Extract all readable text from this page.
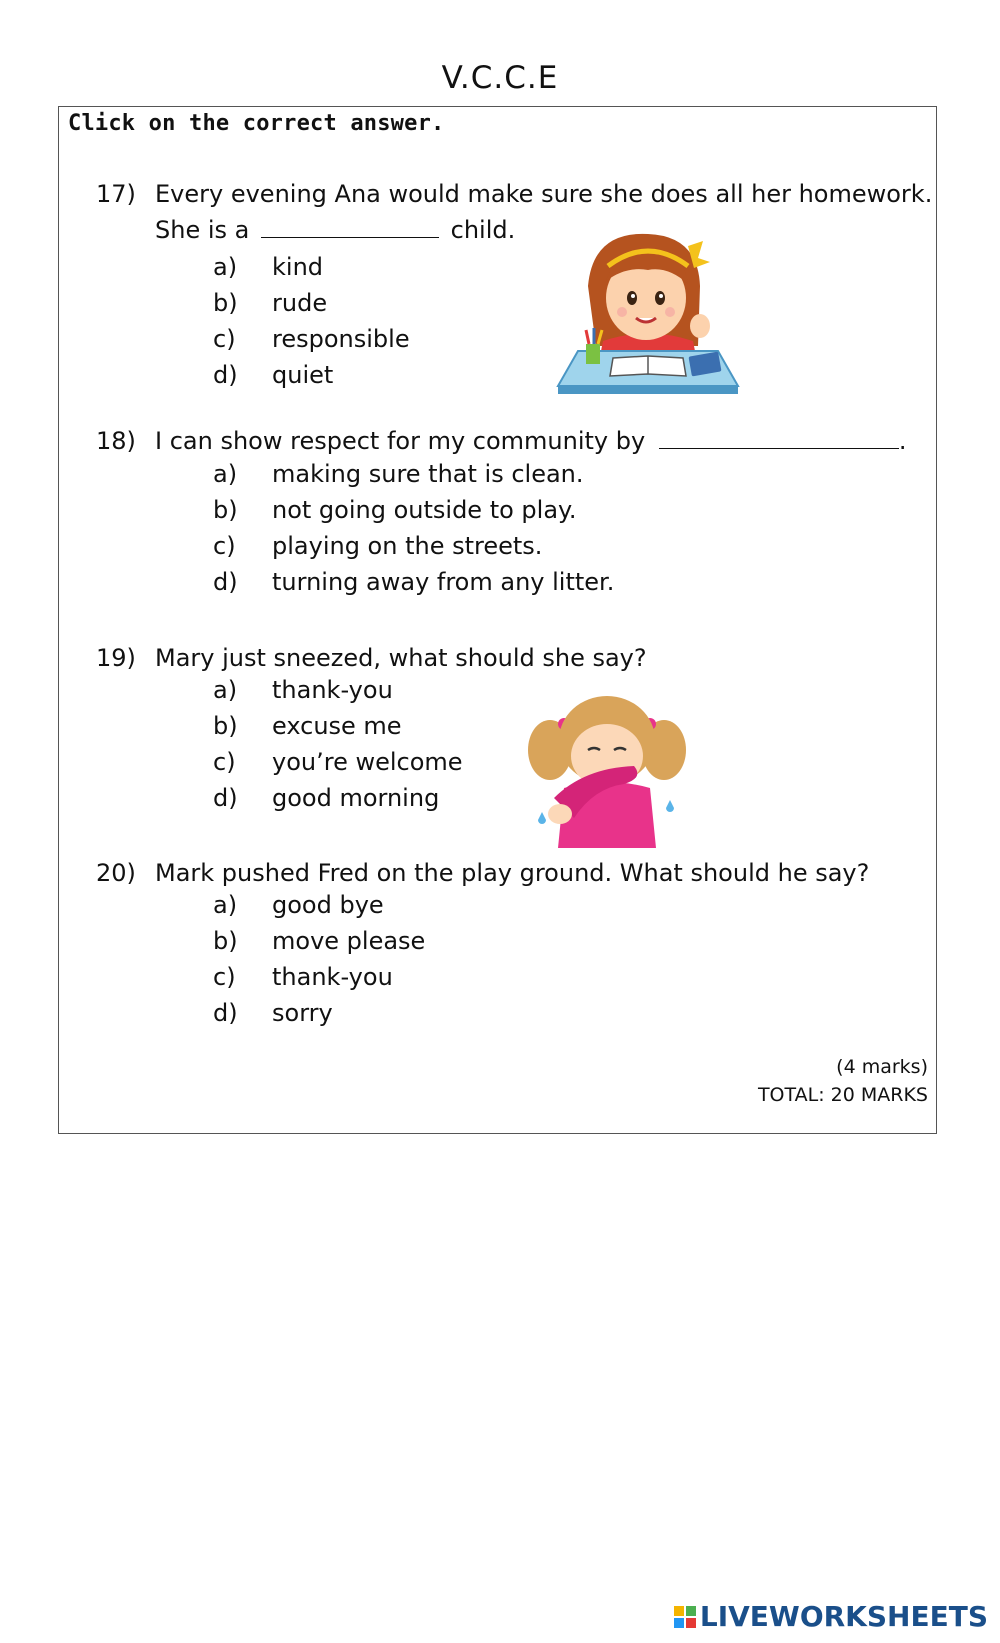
V.C.C.E
Click on the correct answer.
17) Every evening Ana would make sure she does all her homework.
She is a	child.
a) kind
b) rude
c) responsible
d) quiet
18) I can show respect for my community by	.
a) making sure that is clean.
b) not going outside to play.
c) playing on the streets.
d) turning away from any litter.
19) Mary just sneezed, what should she say?
a) thank-you
b) excuse me
c) you’re welcome
d) good morning
20) Mark pushed Fred on the play ground. What should he say?
a) good bye
b) move please
c) thank-you
d) sorry
(4 marks)
TOTAL: 20 MARKS
LIVEWORKSHEETS
